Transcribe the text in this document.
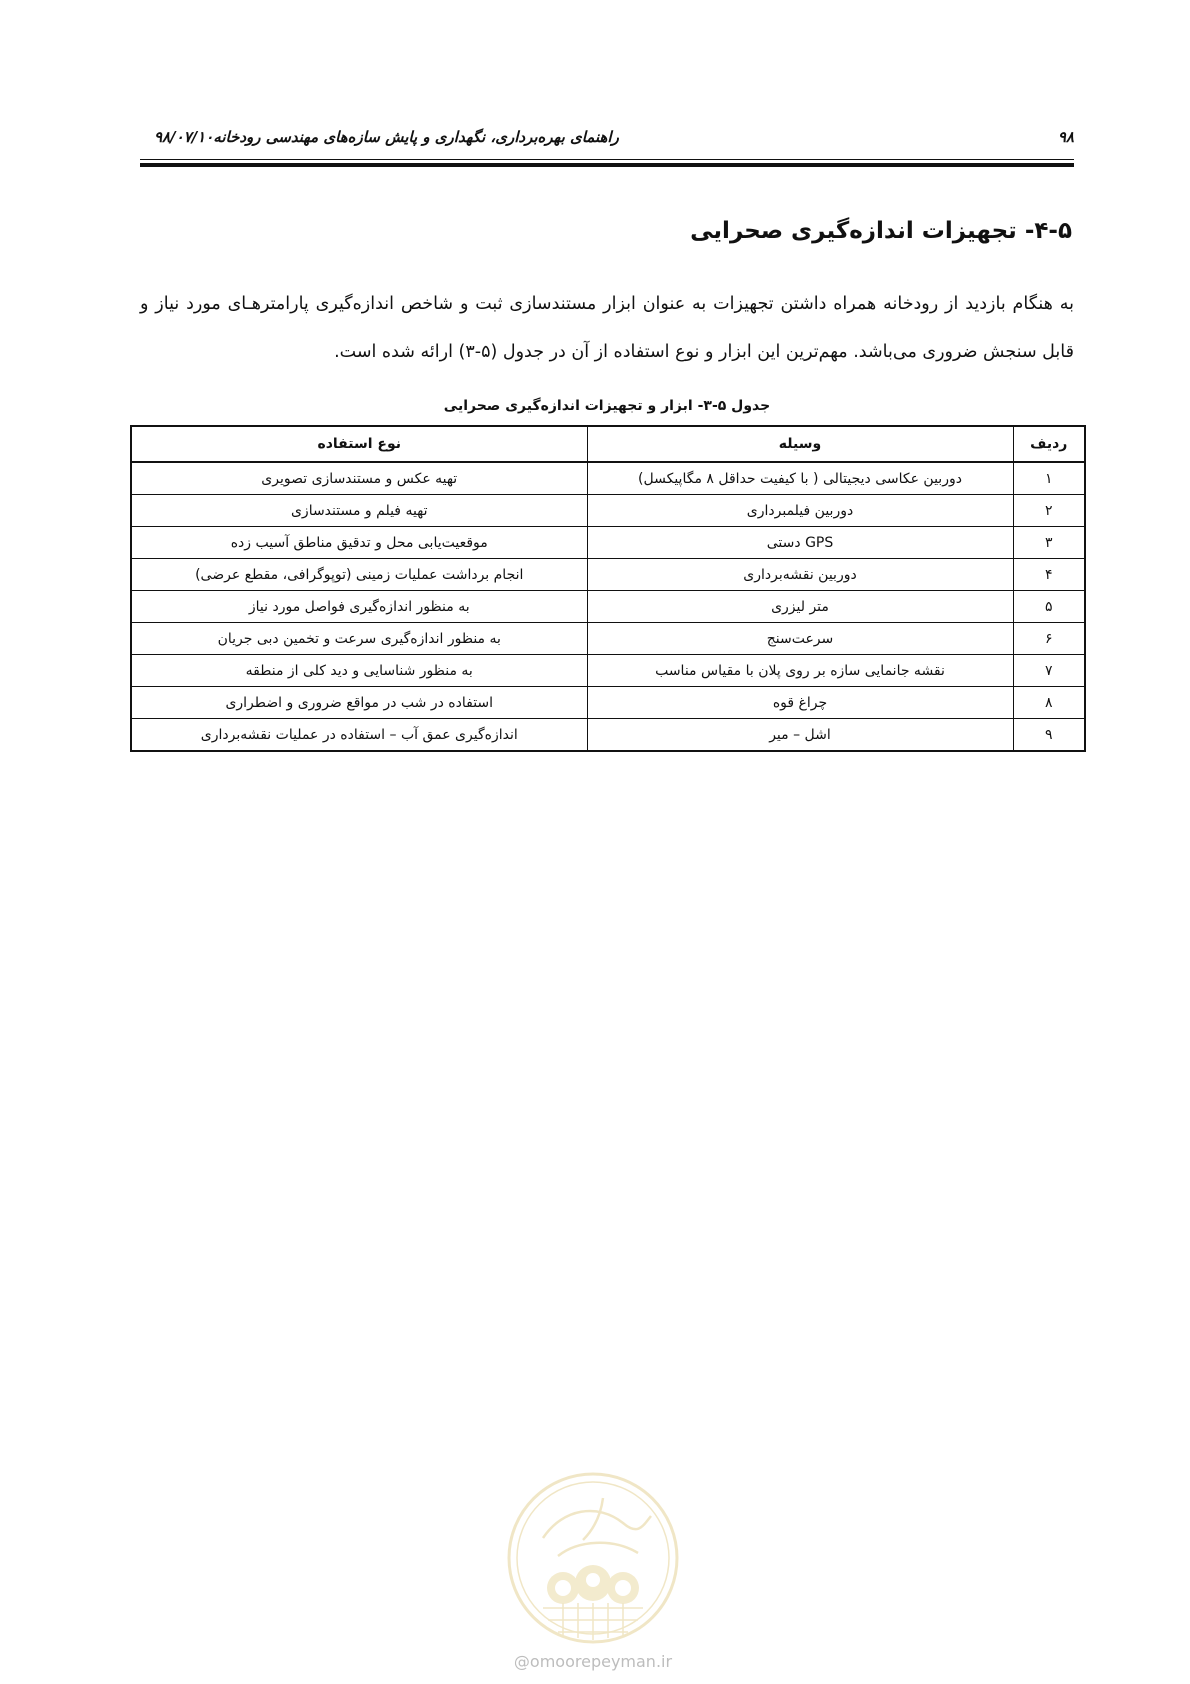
۹۸
راهنمای بهره‌برداری، نگهداری و پایش سازه‌های مهندسی رودخانه۹۸/۰۷/۱۰
۴-۵- تجهیزات اندازه‌گیری صحرایی
به هنگام بازدید از رودخانه همراه داشتن تجهیزات به عنوان ابزار مستندسازی ثبت و شاخص اندازه‌گیری پارامترهـای مورد نیاز و قابل سنجش ضروری می‌باشد. مهم‌ترین این ابزار و نوع استفاده از آن در جدول (۵-۳) ارائه شده است.
جدول ۵-۳- ابزار و تجهیزات اندازه‌گیری صحرایی
ردیف	وسیله	نوع استفاده
۱	دوربین عکاسی دیجیتالی ( با کیفیت حداقل ۸ مگاپیکسل)	تهیه عکس و مستندسازی تصویری
۲	دوربین فیلمبرداری	تهیه فیلم و مستندسازی
۳	GPS دستی	موقعیت‌یابی محل و تدقیق مناطق آسیب زده
۴	دوربین نقشه‌برداری	انجام برداشت عملیات زمینی (توپوگرافی، مقطع عرضی)
۵	متر لیزری	به منظور اندازه‌گیری فواصل مورد نیاز
۶	سرعت‌سنج	به منظور اندازه‌گیری سرعت و تخمین دبی جریان
۷	نقشه جانمایی سازه بر روی پلان با مقیاس مناسب	به منظور شناسایی و دید کلی از منطقه
۸	چراغ قوه	استفاده در شب در مواقع ضروری و اضطراری
۹	اشل – میر	اندازه‌گیری عمق آب – استفاده در عملیات نقشه‌برداری
@omoorepeyman.ir
